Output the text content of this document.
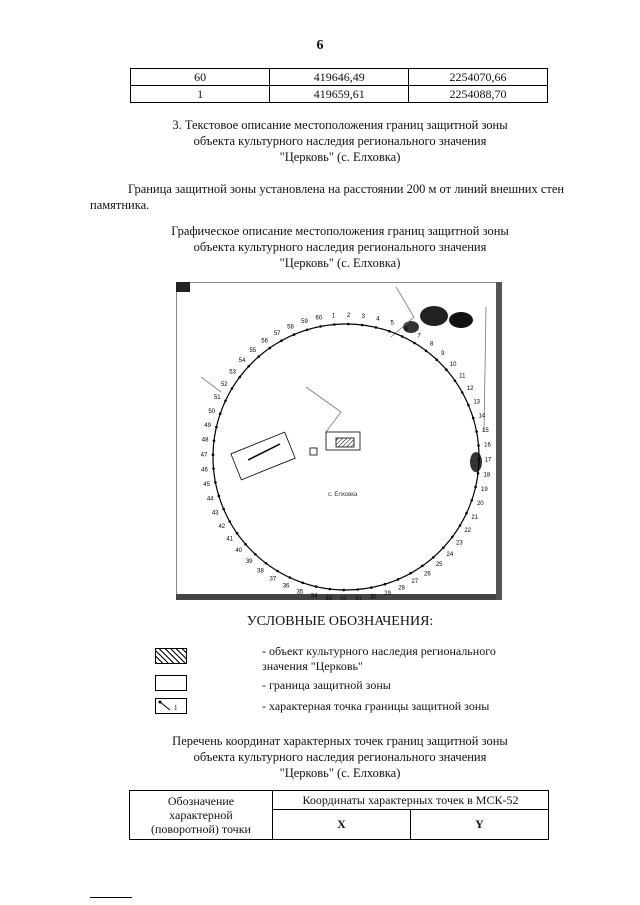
6
60	419646,49	2254070,66
1	419659,61	2254088,70
3. Текстовое описание местоположения границ защитной зоны
объекта культурного наследия регионального значения
"Церковь" (с. Елховка)
Граница защитной зоны установлена на расстоянии 200 м от линий внешних стен
памятника.
Графическое описание местоположения границ защитной зоны
объекта культурного наследия регионального значения
"Церковь" (с. Елховка)
1 2 3 4
5
6
7
8
9
10
11
12
13
14
15
16
17
18
19
20
21
22
23
24
25
26
27
28
29
30
31
32
33
34
35
36
37
38
39
40
41
42
43
44
45
46
47
48
49
50
51
52
53
54
55
56
57
58
59
60
с. Елховка
УСЛОВНЫЕ ОБОЗНАЧЕНИЯ:
- объект культурного наследия регионального
значения "Церковь"
- граница защитной зоны
1	- характерная точка границы защитной зоны
Перечень координат характерных точек границ защитной зоны
объекта культурного наследия регионального значения
"Церковь" (с. Елховка)
Обозначение
характерной
(поворотной) точки	Координаты характерных точек в МСК-52	
	X	Y
